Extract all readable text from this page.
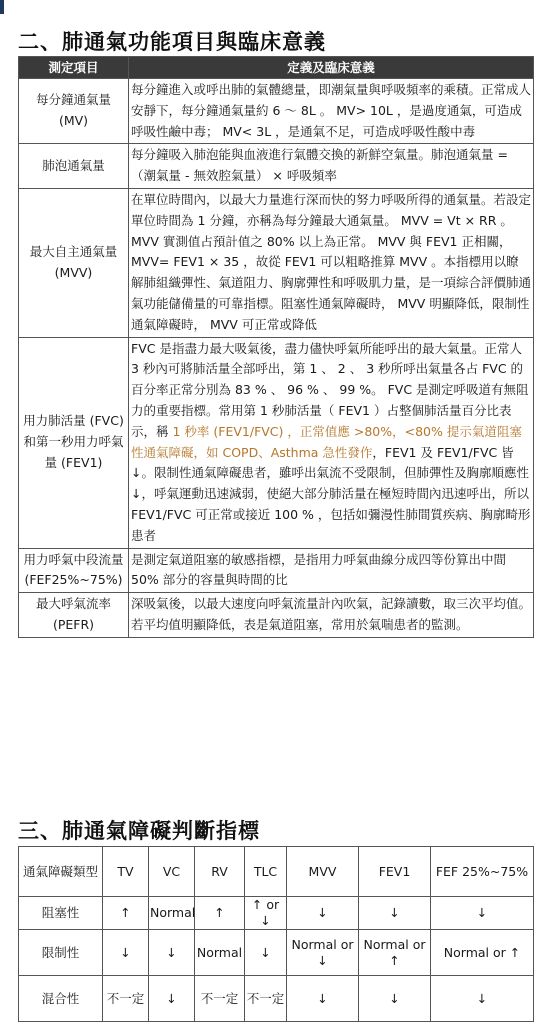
二、肺通氣功能項目與臨床意義
測定項目	定義及臨床意義
每分鐘通氣量 (MV)	每分鐘進入或呼出肺的氣體總量，即潮氣量與呼吸頻率的乘積。正常成人安靜下，每分鐘通氣量約 6 ～ 8L 。 MV> 10L ，是過度通氣，可造成呼吸性鹼中毒； MV< 3L ，是通氣不足，可造成呼吸性酸中毒
肺泡通氣量	每分鐘吸入肺泡能與血液進行氣體交換的新鮮空氣量。肺泡通氣量 = （潮氣量 - 無效腔氣量） × 呼吸頻率
最大自主通氣量 (MVV)	在單位時間內，以最大力量進行深而快的努力呼吸所得的通氣量。若設定單位時間為 1 分鐘，亦稱為每分鐘最大通氣量。 MVV = Vt × RR 。 MVV 實測值占預計值之 80% 以上為正常。 MVV 與 FEV1 正相關， MVV= FEV1 × 35 ，故從 FEV1 可以粗略推算 MVV 。本指標用以瞭解肺組織彈性、氣道阻力、胸廓彈性和呼吸肌力量，是一項綜合評價肺通氣功能儲備量的可靠指標。阻塞性通氣障礙時， MVV 明顯降低，限制性通氣障礙時， MVV 可正常或降低
用力肺活量 (FVC) 和第一秒用力呼氣量 (FEV1)	FVC 是指盡力最大吸氣後，盡力儘快呼氣所能呼出的最大氣量。正常人 3 秒內可將肺活量全部呼出，第 1 、 2 、 3 秒所呼出氣量各占 FVC 的百分率正常分別為 83 % 、 96 % 、 99 %。 FVC 是測定呼吸道有無阻力的重要指標。常用第 1 秒肺活量（ FEV1 ）占整個肺活量百分比表示，稱 1 秒率 (FEV1/FVC) ，正常值應 >80%，<80% 提示氣道阻塞性通氣障礙，如 COPD、Asthma 急性發作，FEV1 及 FEV1/FVC 皆↓。限制性通氣障礙患者，雖呼出氣流不受限制，但肺彈性及胸廓順應性↓，呼氣運動迅速減弱，使絕大部分肺活量在極短時間內迅速呼出，所以 FEV1/FVC 可正常或接近 100 % ，包括如彌漫性肺間質疾病、胸廓畸形患者
用力呼氣中段流量 (FEF25%~75%)	是測定氣道阻塞的敏感指標，是指用力呼氣曲線分成四等份算出中間 50% 部分的容量與時間的比
最大呼氣流率 (PEFR)	深吸氣後，以最大速度向呼氣流量計內吹氣，記錄讀數，取三次平均值。若平均值明顯降低，表是氣道阻塞，常用於氣喘患者的監測。
三、肺通氣障礙判斷指標
通氣障礙類型	TV	VC	RV	TLC	MVV	FEV1	FEF 25%~75%
阻塞性	↑	Normal	↑	↑ or ↓	↓	↓	↓
限制性	↓	↓	Normal	↓	Normal or ↓	Normal or ↑	Normal or ↑
混合性	不一定	↓	不一定	不一定	↓	↓	↓
